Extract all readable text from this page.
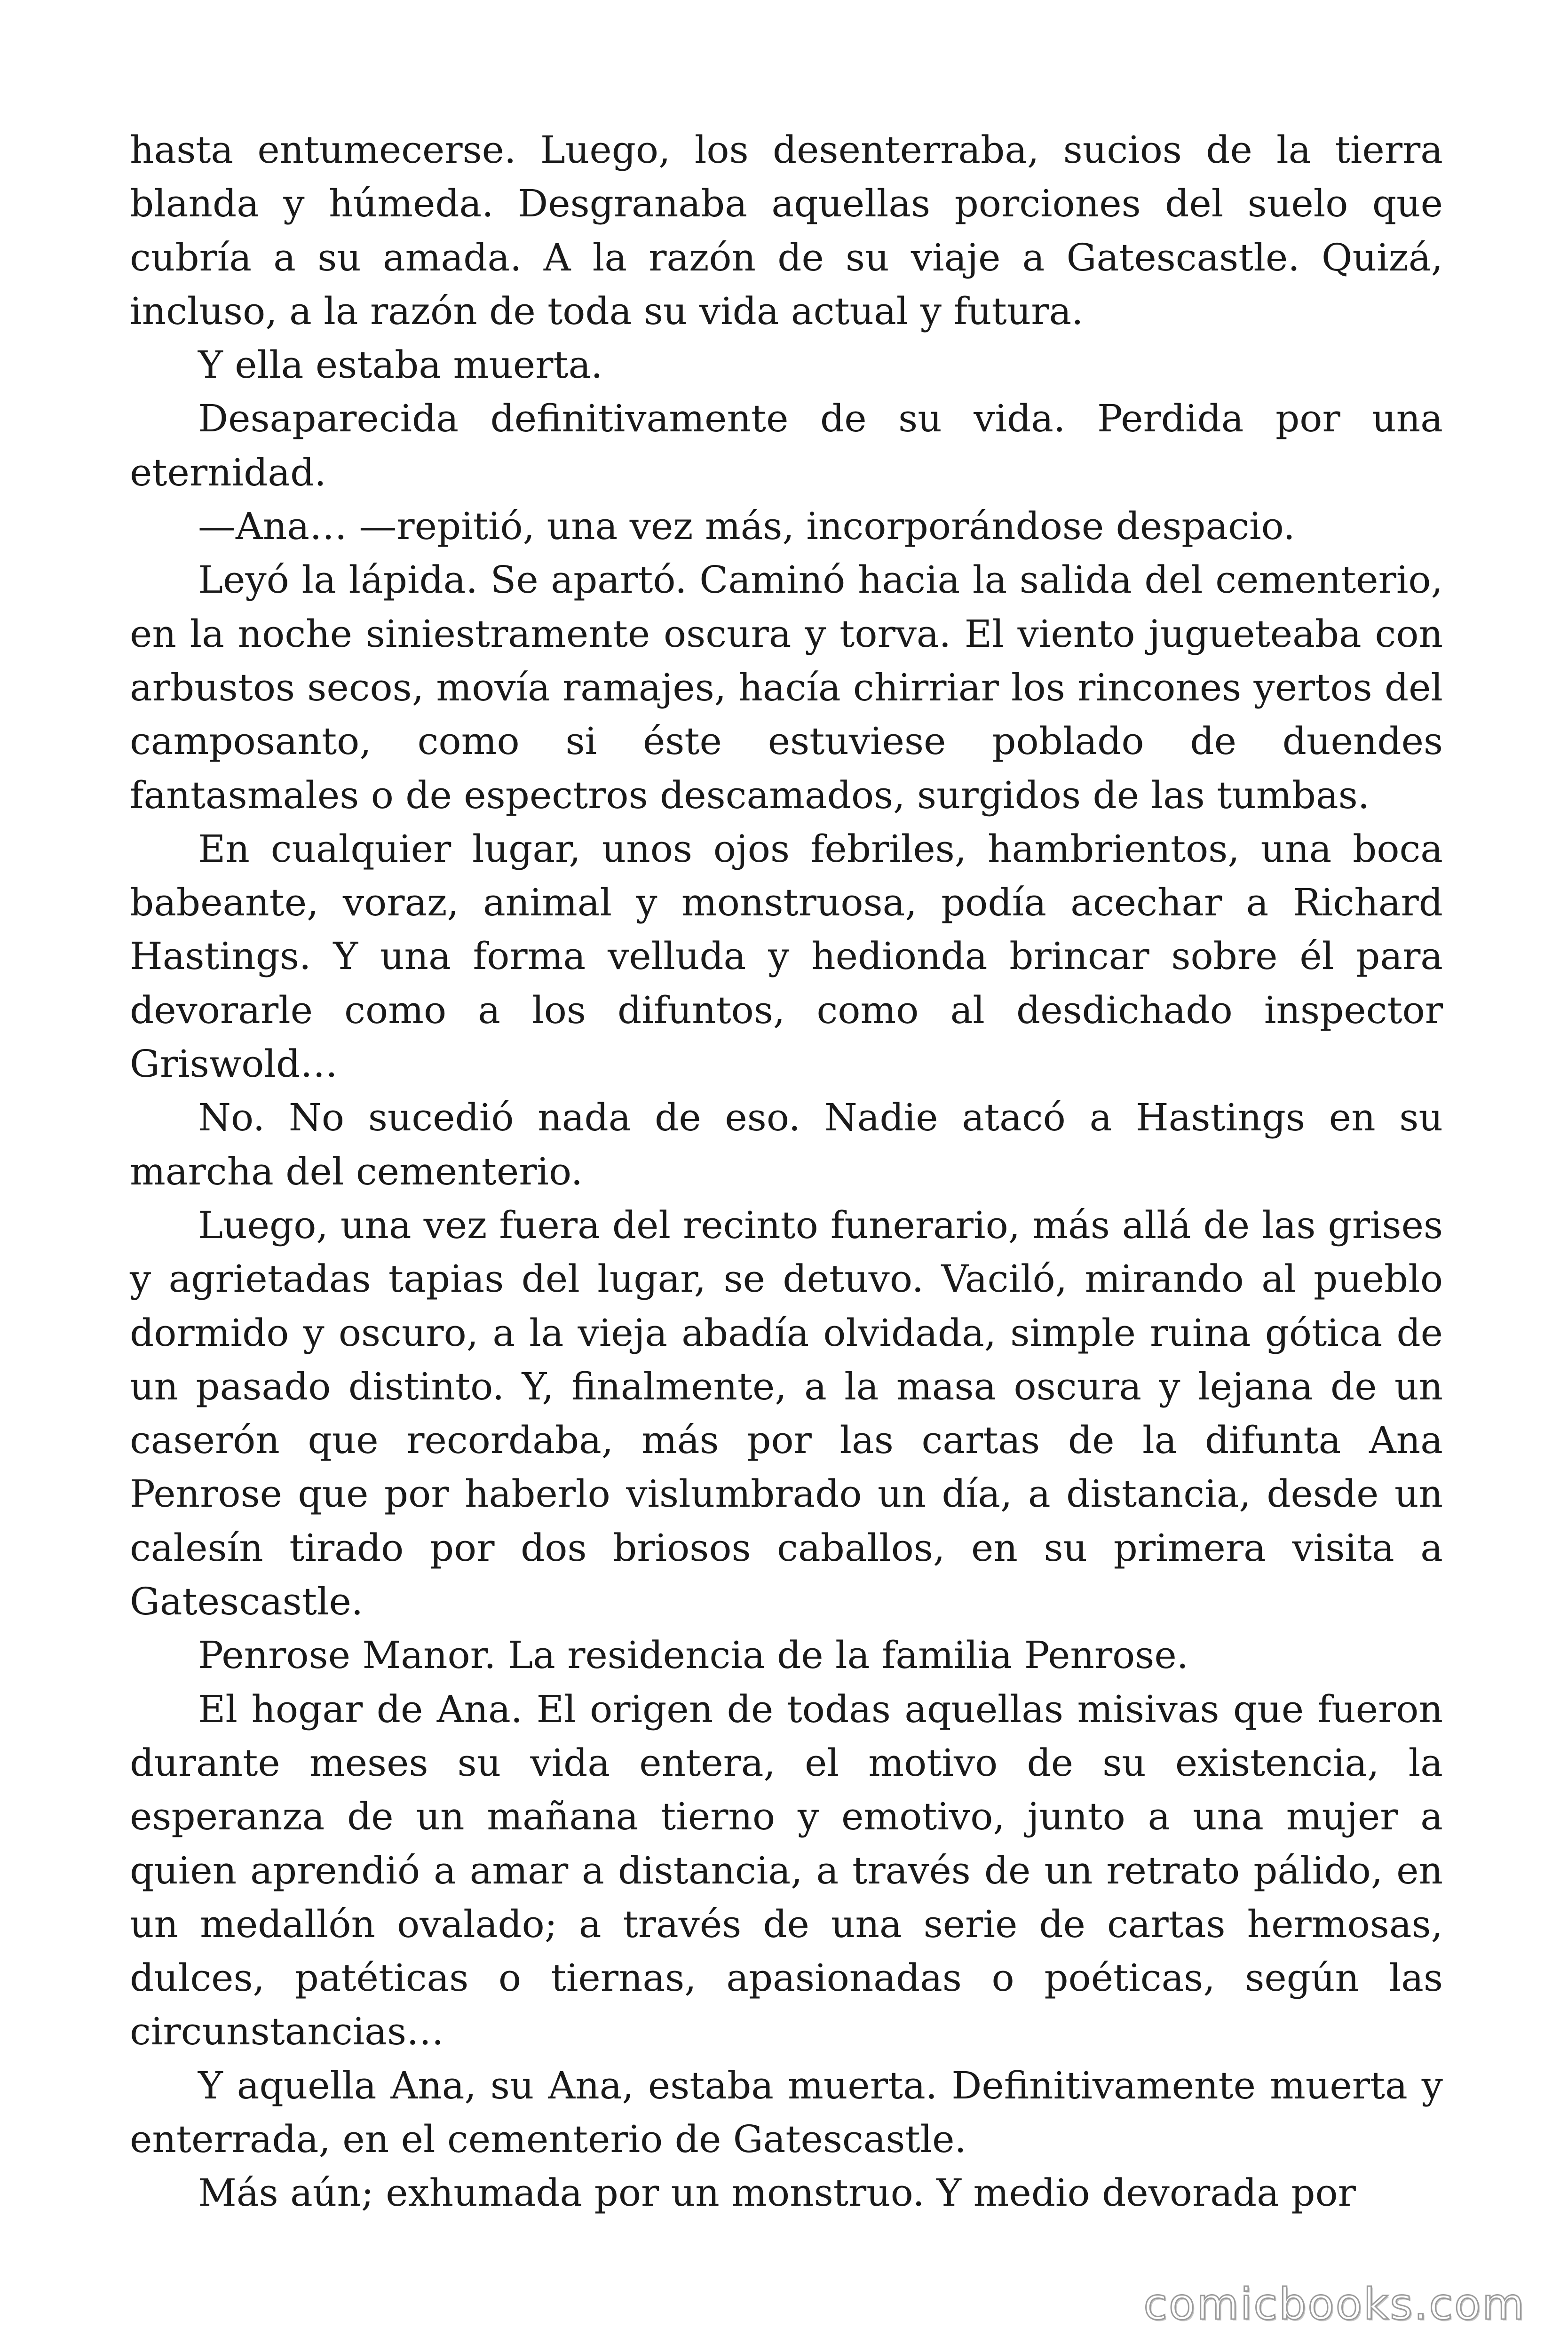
hasta entumecerse. Luego, los desenterraba, sucios de la tierra blanda y húmeda. Desgranaba aquellas porciones del suelo que cubría a su amada. A la razón de su viaje a Gatescastle. Quizá, incluso, a la razón de toda su vida actual y futura.

Y ella estaba muerta.

Desaparecida definitivamente de su vida. Perdida por una eternidad.

—Ana… —repitió, una vez más, incorporándose despacio.

Leyó la lápida. Se apartó. Caminó hacia la salida del cementerio, en la noche siniestramente oscura y torva. El viento jugueteaba con arbustos secos, movía ramajes, hacía chirriar los rincones yertos del camposanto, como si éste estuviese poblado de duendes fantasmales o de espectros descamados, surgidos de las tumbas.

En cualquier lugar, unos ojos febriles, hambrientos, una boca babeante, voraz, animal y monstruosa, podía acechar a Richard Hastings. Y una forma velluda y hedionda brincar sobre él para devorarle como a los difuntos, como al desdichado inspector Griswold…

No. No sucedió nada de eso. Nadie atacó a Hastings en su marcha del cementerio.

Luego, una vez fuera del recinto funerario, más allá de las grises y agrietadas tapias del lugar, se detuvo. Vaciló, mirando al pueblo dormido y oscuro, a la vieja abadía olvidada, simple ruina gótica de un pasado distinto. Y, finalmente, a la masa oscura y lejana de un caserón que recordaba, más por las cartas de la difunta Ana Penrose que por haberlo vislumbrado un día, a distancia, desde un calesín tirado por dos briosos caballos, en su primera visita a Gatescastle.

Penrose Manor. La residencia de la familia Penrose.

El hogar de Ana. El origen de todas aquellas misivas que fueron durante meses su vida entera, el motivo de su existencia, la esperanza de un mañana tierno y emotivo, junto a una mujer a quien aprendió a amar a distancia, a través de un retrato pálido, en un medallón ovalado; a través de una serie de cartas hermosas, dulces, patéticas o tiernas, apasionadas o poéticas, según las circunstancias…

Y aquella Ana, su Ana, estaba muerta. Definitivamente muerta y enterrada, en el cementerio de Gatescastle.

Más aún; exhumada por un monstruo. Y medio devorada por

comicbooks.com
